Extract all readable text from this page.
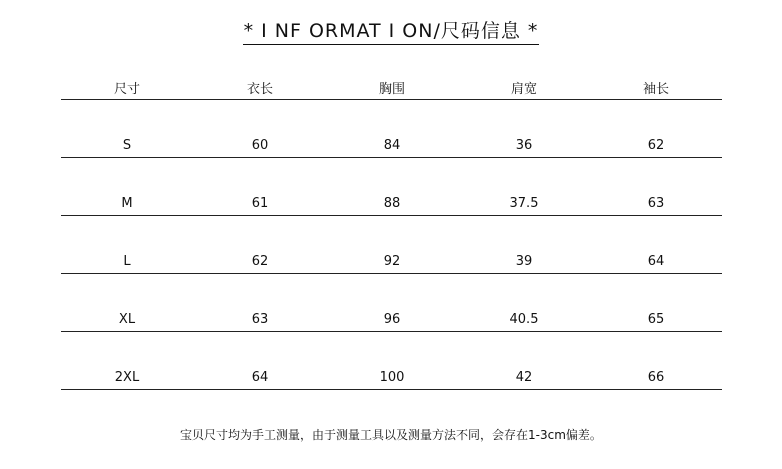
* I NF ORMAT I ON/尺码信息 *
尺寸	衣长	胸围	肩宽	袖长
S	60	84	36	62
M	61	88	37.5	63
L	62	92	39	64
XL	63	96	40.5	65
2XL	64	100	42	66
宝贝尺寸均为手工测量，由于测量工具以及测量方法不同，会存在1-3cm偏差。
